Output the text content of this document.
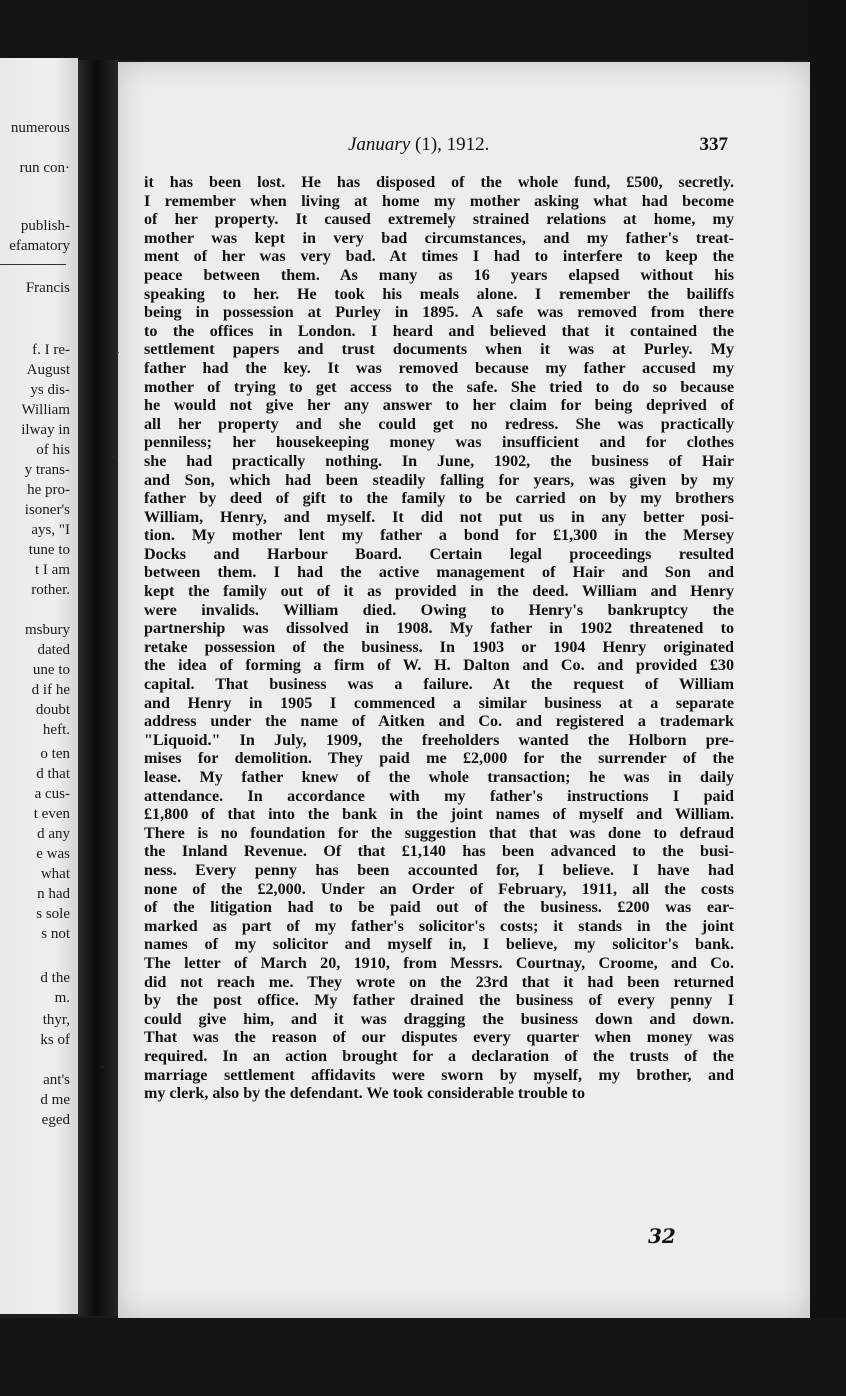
numerous
run con·
publish-
efamatory
Francis
f. I re-
August
ys dis-
William
ilway in
of his
y trans-
he pro-
isoner's
ays, "I
tune to
t I am
rother.
msbury
dated
une to
d if he
doubt
heft.
o ten
d that
a cus-
t even
d any
e was
what
n had
s sole
s not
d the
m.
thyr,
ks of
ant's
d me
eged
January (1), 1912.	337
it has been lost. He has disposed of the whole fund, £500, secretly.
I remember when living at home my mother asking what had become
of her property. It caused extremely strained relations at home, my
mother was kept in very bad circumstances, and my father's treat-
ment of her was very bad. At times I had to interfere to keep the
peace between them. As many as 16 years elapsed without his
speaking to her. He took his meals alone. I remember the bailiffs
being in possession at Purley in 1895. A safe was removed from there
to the offices in London. I heard and believed that it contained the
settlement papers and trust documents when it was at Purley. My
father had the key. It was removed because my father accused my
mother of trying to get access to the safe. She tried to do so because
he would not give her any answer to her claim for being deprived of
all her property and she could get no redress. She was practically
penniless; her housekeeping money was insufficient and for clothes
she had practically nothing. In June, 1902, the business of Hair
and Son, which had been steadily falling for years, was given by my
father by deed of gift to the family to be carried on by my brothers
William, Henry, and myself. It did not put us in any better posi-
tion. My mother lent my father a bond for £1,300 in the Mersey
Docks and Harbour Board. Certain legal proceedings resulted
between them. I had the active management of Hair and Son and
kept the family out of it as provided in the deed. William and Henry
were invalids. William died. Owing to Henry's bankruptcy the
partnership was dissolved in 1908. My father in 1902 threatened to
retake possession of the business. In 1903 or 1904 Henry originated
the idea of forming a firm of W. H. Dalton and Co. and provided £30
capital. That business was a failure. At the request of William
and Henry in 1905 I commenced a similar business at a separate
address under the name of Aitken and Co. and registered a trademark
"Liquoid." In July, 1909, the freeholders wanted the Holborn pre-
mises for demolition. They paid me £2,000 for the surrender of the
lease. My father knew of the whole transaction; he was in daily
attendance. In accordance with my father's instructions I paid
£1,800 of that into the bank in the joint names of myself and William.
There is no foundation for the suggestion that that was done to defraud
the Inland Revenue. Of that £1,140 has been advanced to the busi-
ness. Every penny has been accounted for, I believe. I have had
none of the £2,000. Under an Order of February, 1911, all the costs
of the litigation had to be paid out of the business. £200 was ear-
marked as part of my father's solicitor's costs; it stands in the joint
names of my solicitor and myself in, I believe, my solicitor's bank.
The letter of March 20, 1910, from Messrs. Courtnay, Croome, and Co.
did not reach me. They wrote on the 23rd that it had been returned
by the post office. My father drained the business of every penny I
could give him, and it was dragging the business down and down.
That was the reason of our disputes every quarter when money was
required. In an action brought for a declaration of the trusts of the
marriage settlement affidavits were sworn by myself, my brother, and
my clerk, also by the defendant. We took considerable trouble to
32
·
·
·
